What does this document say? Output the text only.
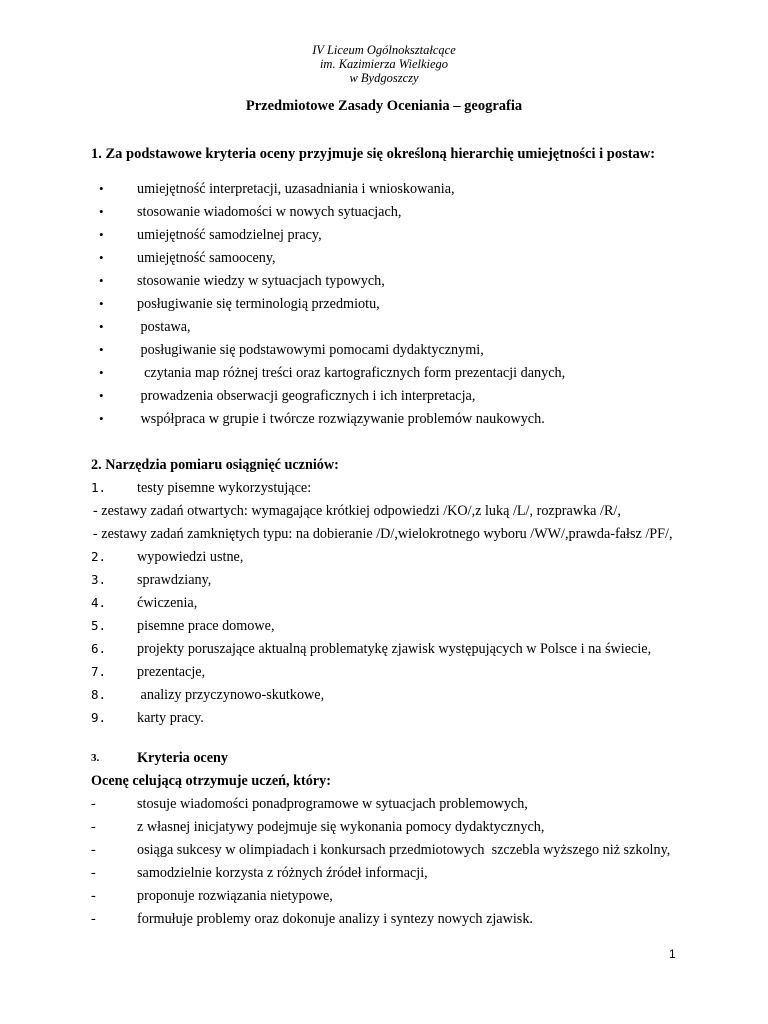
IV Liceum Ogólnokształcące
im. Kazimierza Wielkiego
w Bydgoszczy
Przedmiotowe Zasady Oceniania – geografia
1. Za podstawowe kryteria oceny przyjmuje się określoną hierarchię umiejętności i postaw:
•	umiejętność interpretacji, uzasadniania i wnioskowania,
•	stosowanie wiadomości w nowych sytuacjach,
•	umiejętność samodzielnej pracy,
•	umiejętność samooceny,
•	stosowanie wiedzy w sytuacjach typowych,
•	posługiwanie się terminologią przedmiotu,
•	postawa,
•	posługiwanie się podstawowymi pomocami dydaktycznymi,
•	czytania map różnej treści oraz kartograficznych form prezentacji danych,
•	prowadzenia obserwacji geograficznych i ich interpretacja,
•	współpraca w grupie i twórcze rozwiązywanie problemów naukowych.
2. Narzędzia pomiaru osiągnięć uczniów:
1.	testy pisemne wykorzystujące:
- zestawy zadań otwartych: wymagające krótkiej odpowiedzi /KO/,z luką /L/, rozprawka /R/,
- zestawy zadań zamkniętych typu: na dobieranie /D/,wielokrotnego wyboru /WW/,prawda-fałsz /PF/,
2.	wypowiedzi ustne,
3.	sprawdziany,
4.	ćwiczenia,
5.	pisemne prace domowe,
6.	projekty poruszające aktualną problematykę zjawisk występujących w Polsce i na świecie,
7.	prezentacje,
8.	analizy przyczynowo-skutkowe,
9.	karty pracy.
3.	Kryteria oceny
Ocenę celującą otrzymuje uczeń, który:
-	stosuje wiadomości ponadprogramowe w sytuacjach problemowych,
-	z własnej inicjatywy podejmuje się wykonania pomocy dydaktycznych,
-	osiąga sukcesy w olimpiadach i konkursach przedmiotowych  szczebla wyższego niż szkolny,
-	samodzielnie korzysta z różnych źródeł informacji,
-	proponuje rozwiązania nietypowe,
-	formułuje problemy oraz dokonuje analizy i syntezy nowych zjawisk.
1
